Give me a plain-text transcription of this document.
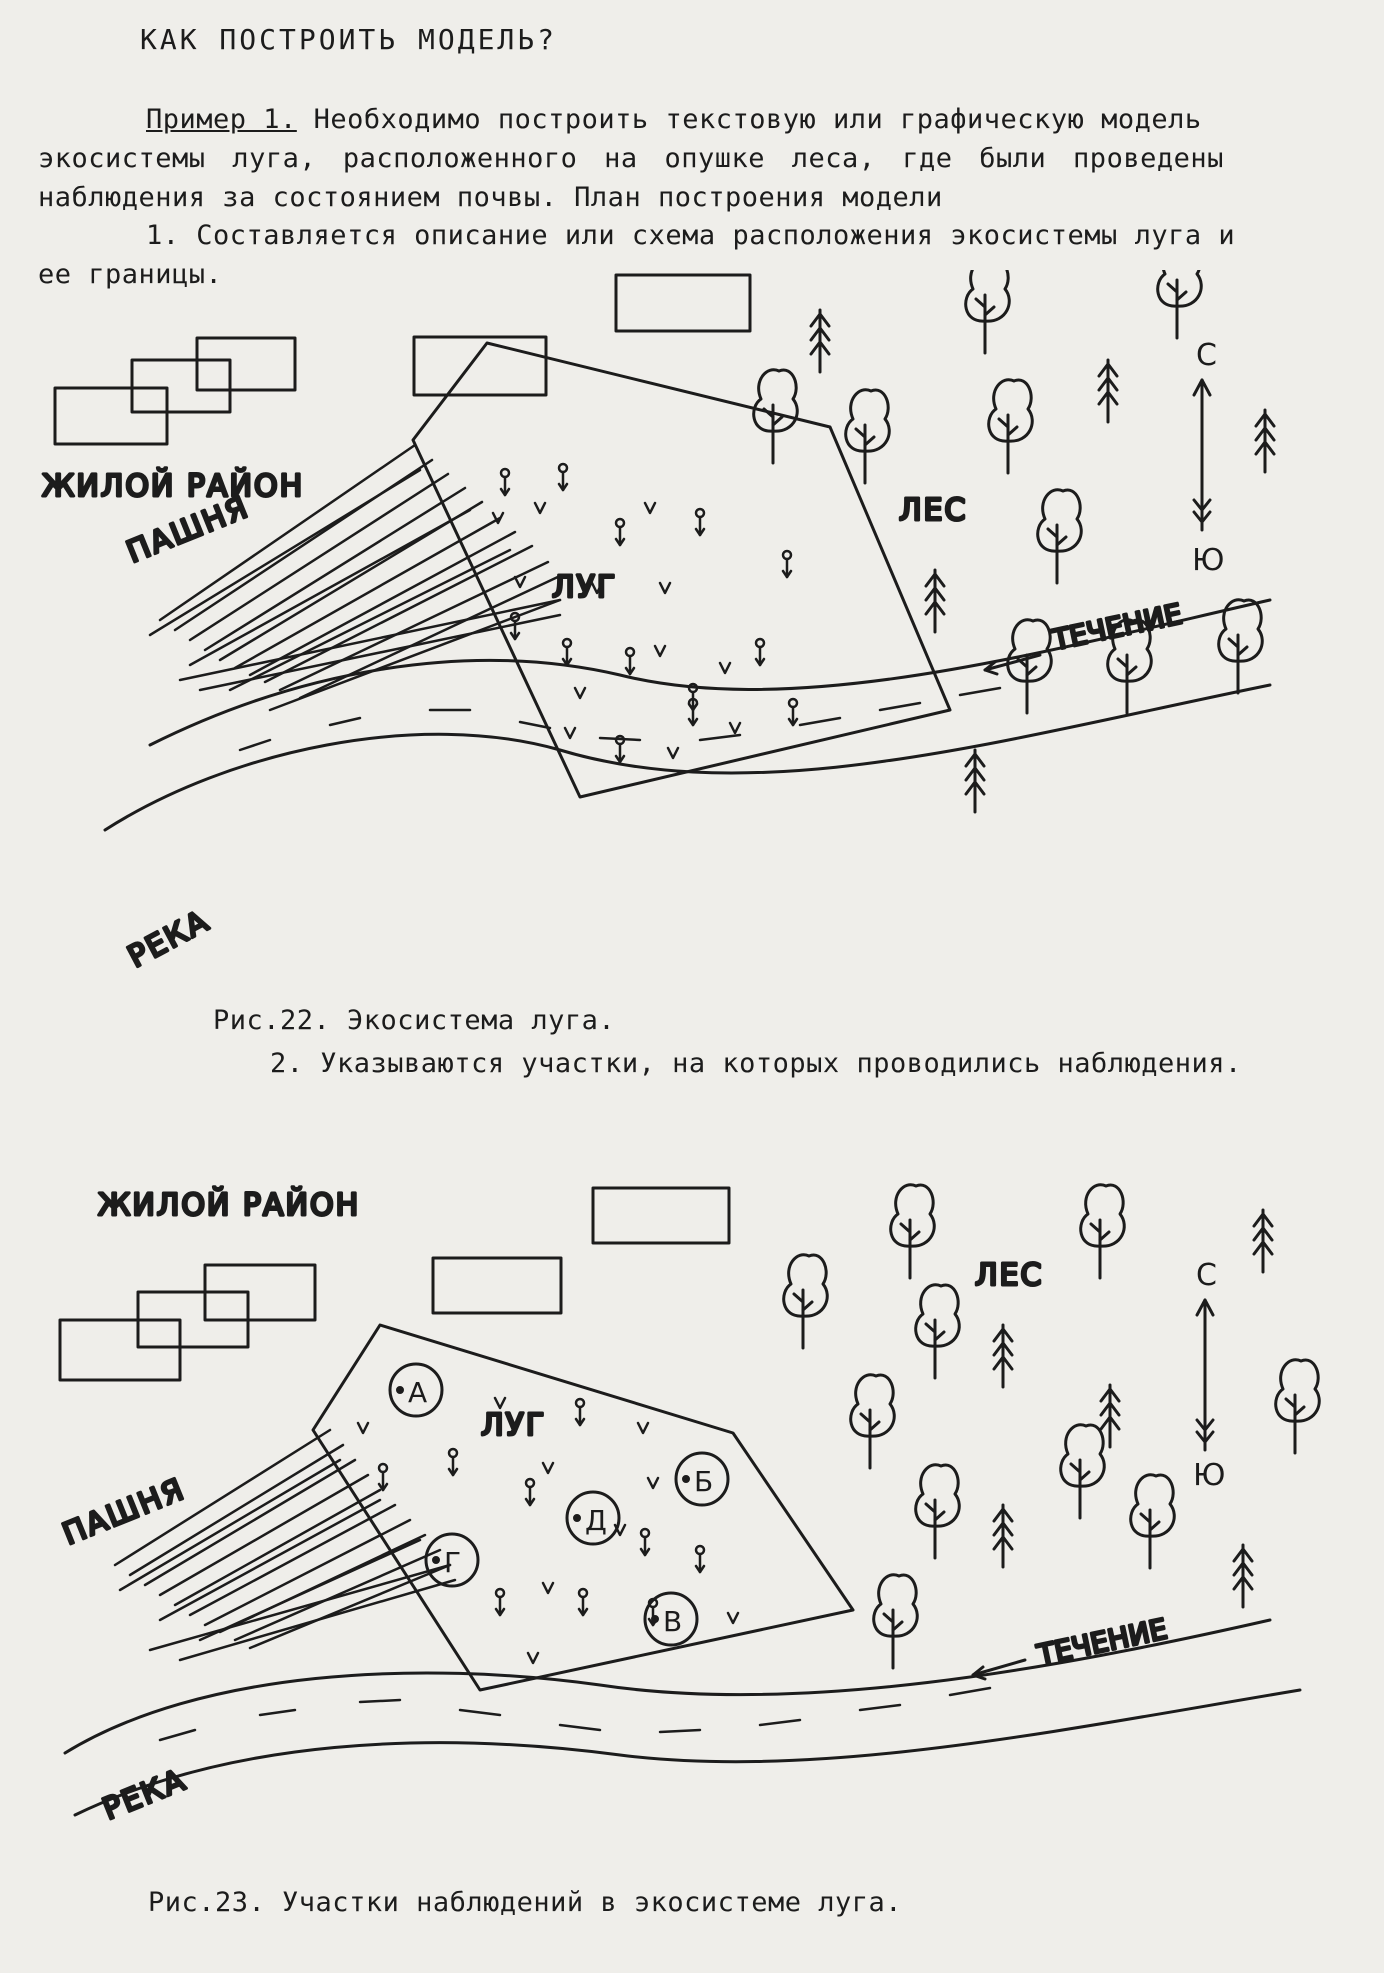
КАК ПОСТРОИТЬ МОДЕЛЬ?
Пример 1. Необходимо построить текстовую или графическую модель
экосистемы луга, расположенного на опушке леса, где были проведены
наблюдения за состоянием почвы. План построения модели
1. Составляется описание или схема расположения экосистемы луга и
ее границы.
Рис.22. Экосистема луга.
2. Указываются участки, на которых проводились наблюдения.
Рис.23. Участки наблюдений в экосистеме луга.
ЖИЛОЙ РАЙОН
ПАШНЯ
ЛУГ
ЛЕС
С
Ю
ТЕЧЕНИЕ
РЕКА
ЖИЛОЙ РАЙОН
ПАШНЯ
ЛУГ
А
Б
В
Г
Д
ЛЕС	С
Ю
ТЕЧЕНИЕ
РЕКА
